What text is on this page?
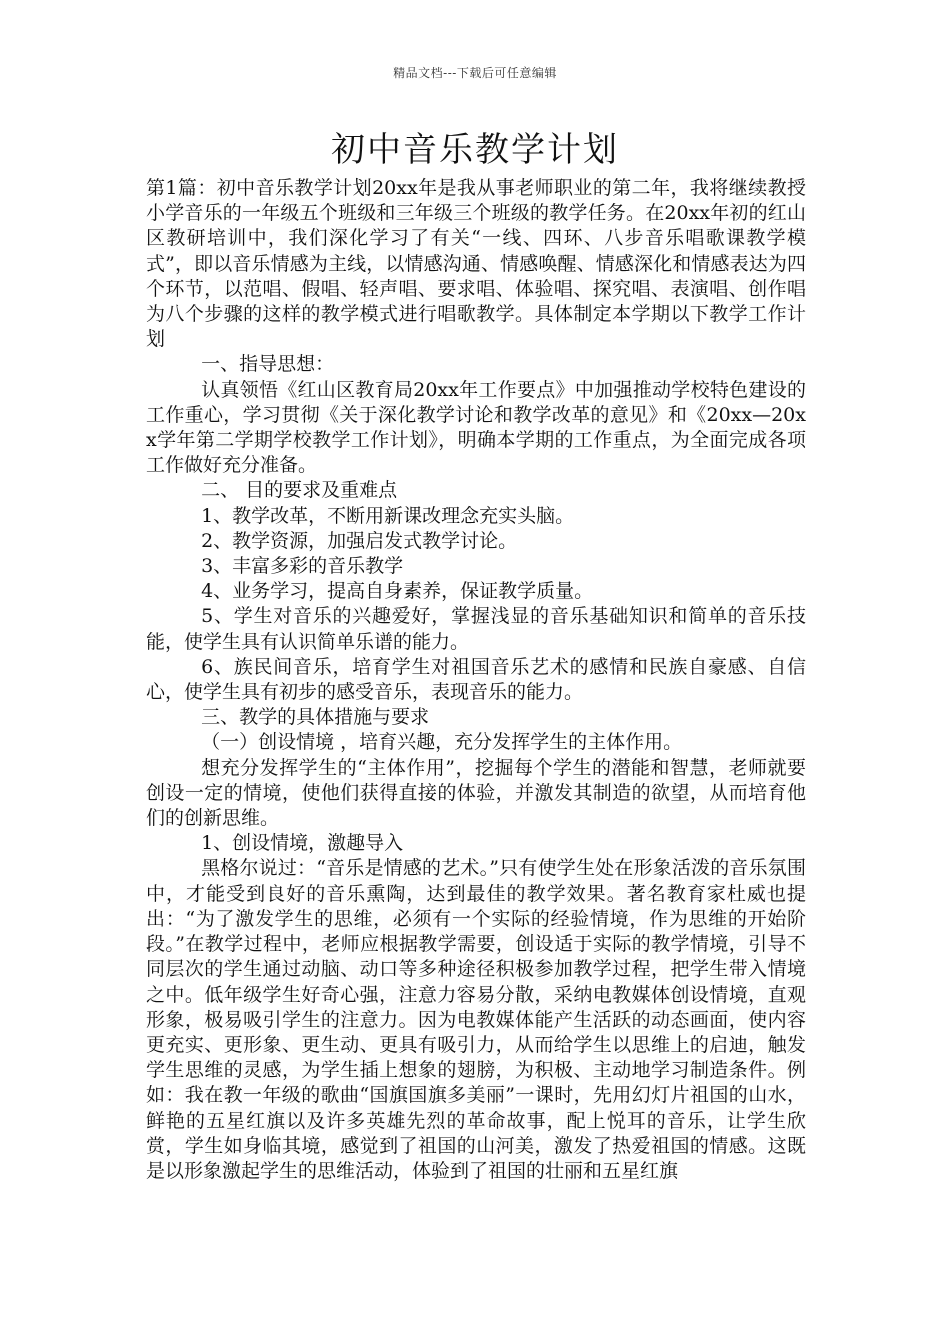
精品文档---下载后可任意编辑
初中音乐教学计划

第1篇：初中音乐教学计划20xx年是我从事老师职业的第二年，我将继续教授小学音乐的一年级五个班级和三年级三个班级的教学任务。在20xx年初的红山区教研培训中，我们深化学习了有关“一线、四环、八步音乐唱歌课教学模式”，即以音乐情感为主线，以情感沟通、情感唤醒、情感深化和情感表达为四个环节，以范唱、假唱、轻声唱、要求唱、体验唱、探究唱、表演唱、创作唱为八个步骤的这样的教学模式进行唱歌教学。具体制定本学期以下教学工作计划

一、指导思想：

认真领悟《红山区教育局20xx年工作要点》中加强推动学校特色建设的工作重心，学习贯彻《关于深化教学讨论和教学改革的意见》和《20xx—20xx学年第二学期学校教学工作计划》，明确本学期的工作重点，为全面完成各项工作做好充分准备。

二、 目的要求及重难点

1、教学改革，不断用新课改理念充实头脑。

2、教学资源，加强启发式教学讨论。

3、丰富多彩的音乐教学

4、业务学习，提高自身素养，保证教学质量。

5、学生对音乐的兴趣爱好，掌握浅显的音乐基础知识和简单的音乐技能，使学生具有认识简单乐谱的能力。

6、族民间音乐，培育学生对祖国音乐艺术的感情和民族自豪感、自信心，使学生具有初步的感受音乐，表现音乐的能力。

三、教学的具体措施与要求

（一）创设情境 ，培育兴趣，充分发挥学生的主体作用。

想充分发挥学生的“主体作用”，挖掘每个学生的潜能和智慧，老师就要创设一定的情境，使他们获得直接的体验，并激发其制造的欲望，从而培育他们的创新思维。

1、创设情境，激趣导入

黑格尔说过：“音乐是情感的艺术。”只有使学生处在形象活泼的音乐氛围中，才能受到良好的音乐熏陶，达到最佳的教学效果。著名教育家杜威也提出：“为了激发学生的思维，必须有一个实际的经验情境，作为思维的开始阶段。”在教学过程中，老师应根据教学需要，创设适于实际的教学情境，引导不同层次的学生通过动脑、动口等多种途径积极参加教学过程，把学生带入情境之中。低年级学生好奇心强，注意力容易分散，采纳电教媒体创设情境，直观形象，极易吸引学生的注意力。因为电教媒体能产生活跃的动态画面，使内容更充实、更形象、更生动、更具有吸引力，从而给学生以思维上的启迪，触发学生思维的灵感，为学生插上想象的翅膀，为积极、主动地学习制造条件。例如：我在教一年级的歌曲“国旗国旗多美丽”一课时，先用幻灯片祖国的山水，鲜艳的五星红旗以及许多英雄先烈的革命故事，配上悦耳的音乐，让学生欣赏，学生如身临其境，感觉到了祖国的山河美，激发了热爱祖国的情感。这既是以形象激起学生的思维活动，体验到了祖国的壮丽和五星红旗
